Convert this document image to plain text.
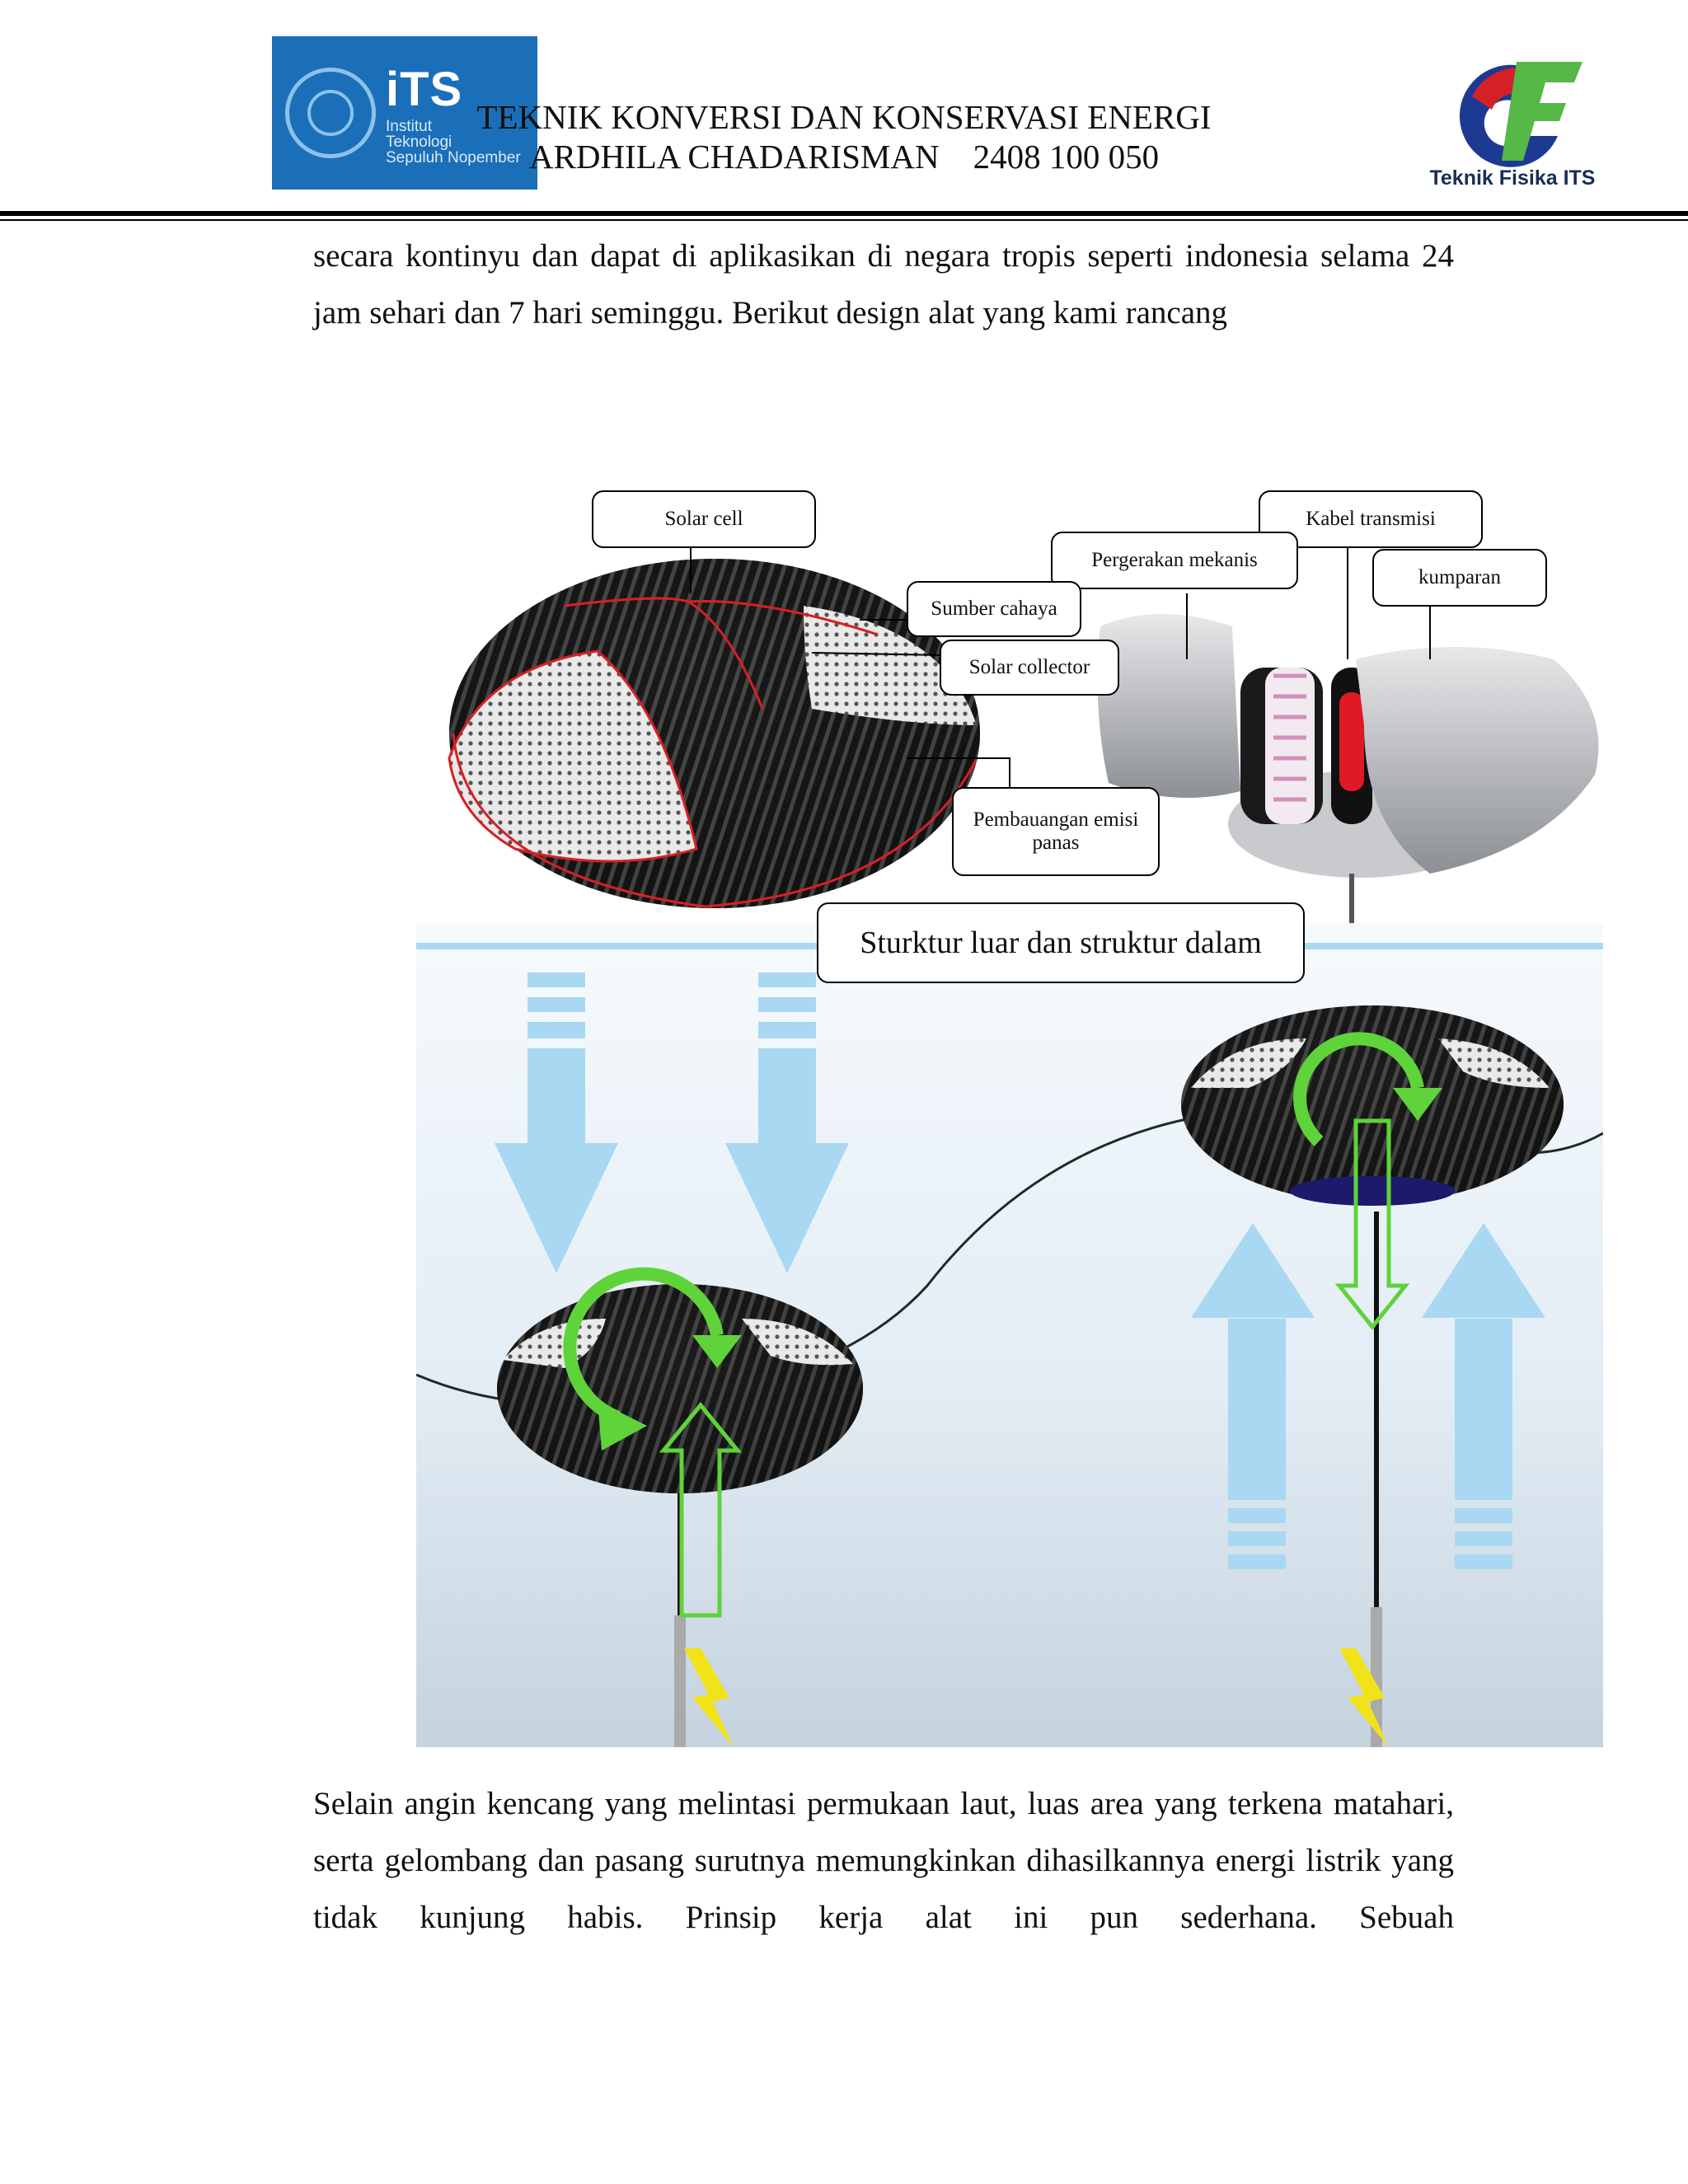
iTS
Institut
Teknologi
Sepuluh Nopember
TEKNIK KONVERSI DAN KONSERVASI ENERGI
ARDHILA CHADARISMAN    2408 100 050
Teknik Fisika ITS
secara kontinyu dan dapat di aplikasikan di negara tropis seperti indonesia selama 24 jam sehari dan 7 hari seminggu. Berikut design alat yang kami rancang
Solar cell	Kabel transmisi
Pergerakan mekanis
kumparan
Sumber cahaya
Solar collector
Pembauangan emisi panas
Sturktur luar dan struktur dalam
Selain angin kencang yang melintasi permukaan laut, luas area yang terkena matahari, serta gelombang dan pasang surutnya memungkinkan dihasilkannya energi listrik yang tidak kunjung habis. Prinsip kerja alat ini pun sederhana. Sebuah
